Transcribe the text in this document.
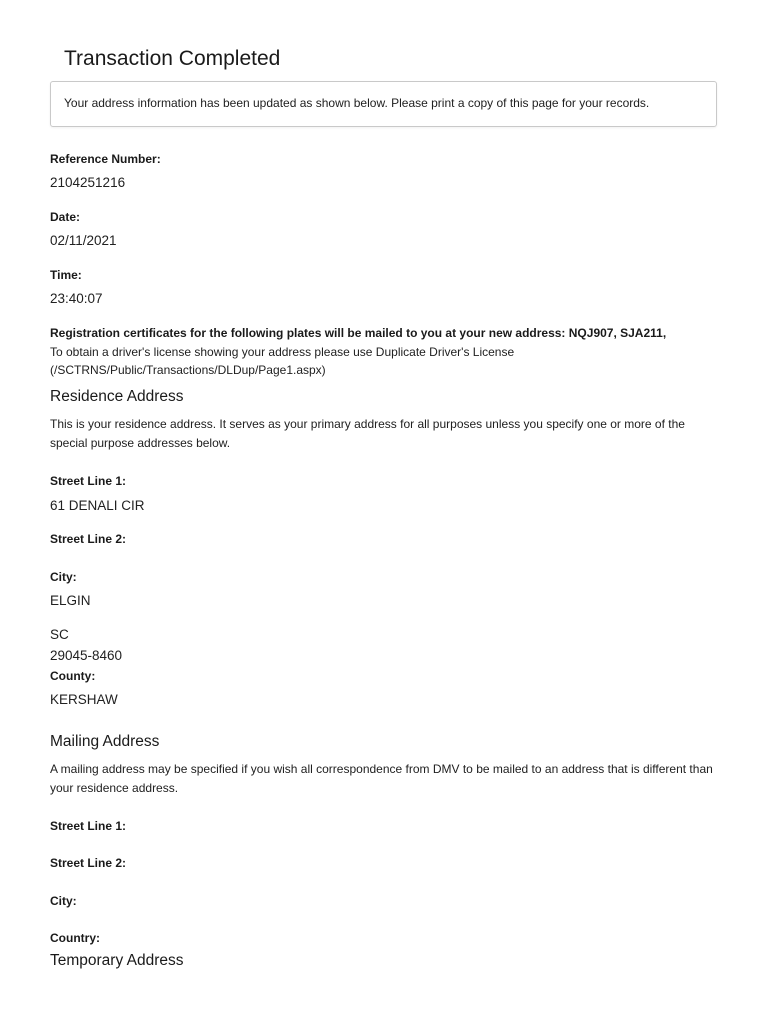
Transaction Completed
Your address information has been updated as shown below. Please print a copy of this page for your records.
Reference Number:
2104251216
Date:
02/11/2021
Time:
23:40:07
Registration certificates for the following plates will be mailed to you at your new address: NQJ907, SJA211,
To obtain a driver's license showing your address please use Duplicate Driver's License
(/SCTRNS/Public/Transactions/DLDup/Page1.aspx)
Residence Address
This is your residence address. It serves as your primary address for all purposes unless you specify one or more of the special purpose addresses below.
Street Line 1:
61 DENALI CIR
Street Line 2:
City:
ELGIN
SC
29045-8460
County:
KERSHAW
Mailing Address
A mailing address may be specified if you wish all correspondence from DMV to be mailed to an address that is different than your residence address.
Street Line 1:
Street Line 2:
City:
Country:
Temporary Address
